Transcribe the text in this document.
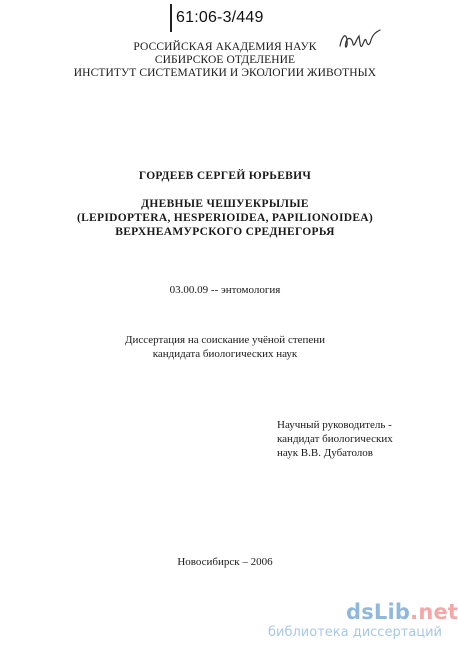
61:06-3/449
РОССИЙСКАЯ АКАДЕМИЯ НАУК
СИБИРСКОЕ ОТДЕЛЕНИЕ
ИНСТИТУТ СИСТЕМАТИКИ И ЭКОЛОГИИ ЖИВОТНЫХ
ГОРДЕЕВ СЕРГЕЙ ЮРЬЕВИЧ
ДНЕВНЫЕ ЧЕШУЕКРЫЛЫЕ
(LEPIDOPTERA, HESPERIOIDEA, PAPILIONOIDEA)
ВЕРХНЕАМУРСКОГО СРЕДНЕГОРЬЯ
03.00.09 -- энтомология
Диссертация на соискание учёной степени
кандидата биологических наук
Научный руководитель -
кандидат биологических
наук В.В. Дубатолов
Новосибирск – 2006
dsLib.net
библиотека диссертаций
